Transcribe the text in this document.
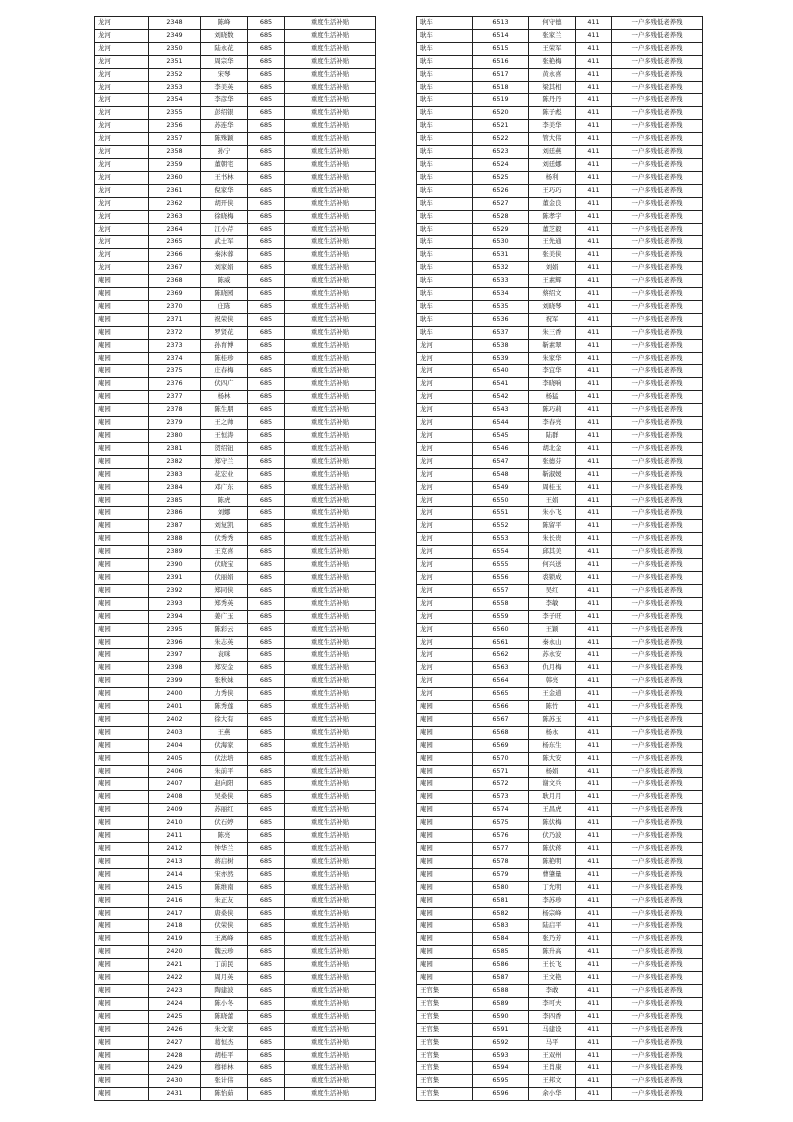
龙河	2348	陈峰	685	重度生活补贴
龙河	2349	刘晓数	685	重度生活补贴
龙河	2350	陆永花	685	重度生活补贴
龙河	2351	周宗华	685	重度生活补贴
龙河	2352	宋琴	685	重度生活补贴
龙河	2353	李美英	685	重度生活补贴
龙河	2354	李彦华	685	重度生活补贴
龙河	2355	彭绍银	685	重度生活补贴
龙河	2356	苏连华	685	重度生活补贴
龙河	2357	陈殊颖	685	重度生活补贴
龙河	2358	孙宁	685	重度生活补贴
龙河	2359	董朝宅	685	重度生活补贴
龙河	2360	王书林	685	重度生活补贴
龙河	2361	倪家华	685	重度生活补贴
龙河	2362	胡开侠	685	重度生活补贴
龙河	2363	徐晓梅	685	重度生活补贴
龙河	2364	江小芹	685	重度生活补贴
龙河	2365	武士军	685	重度生活补贴
龙河	2366	秦沐蓉	685	重度生活补贴
龙河	2367	刘家娟	685	重度生活补贴
庵园	2368	陈威	685	重度生活补贴
庵园	2369	陈晓园	685	重度生活补贴
庵园	2370	庄陈	685	重度生活补贴
庵园	2371	祝荣侠	685	重度生活补贴
庵园	2372	罗贤花	685	重度生活补贴
庵园	2373	孙育博	685	重度生活补贴
庵园	2374	陈桂珍	685	重度生活补贴
庵园	2375	庄春梅	685	重度生活补贴
庵园	2376	伏四广	685	重度生活补贴
庵园	2377	杨林	685	重度生活补贴
庵园	2378	陈生朋	685	重度生活补贴
庵园	2379	王之帅	685	重度生活补贴
庵园	2380	王恒涛	685	重度生活补贴
庵园	2381	贺绍钮	685	重度生活补贴
庵园	2382	郑守兰	685	重度生活补贴
庵园	2383	花宏业	685	重度生活补贴
庵园	2384	邓广东	685	重度生活补贴
庵园	2385	陈虎	685	重度生活补贴
庵园	2386	刘娜	685	重度生活补贴
庵园	2387	刘复凯	685	重度生活补贴
庵园	2388	伏秀秀	685	重度生活补贴
庵园	2389	王克喜	685	重度生活补贴
庵园	2390	伏晓宝	685	重度生活补贴
庵园	2391	伏丽娟	685	重度生活补贴
庵园	2392	郑同侠	685	重度生活补贴
庵园	2393	郑秀英	685	重度生活补贴
庵园	2394	姜广玉	685	重度生活补贴
庵园	2395	陈彩云	685	重度生活补贴
庵园	2396	朱志英	685	重度生活补贴
庵园	2397	袁咪	685	重度生活补贴
庵园	2398	郑安金	685	重度生活补贴
庵园	2399	张秋妹	685	重度生活补贴
庵园	2400	力秀侠	685	重度生活补贴
庵园	2401	陈秀莲	685	重度生活补贴
庵园	2402	徐大有	685	重度生活补贴
庵园	2403	王燕	685	重度生活补贴
庵园	2404	伏海家	685	重度生活补贴
庵园	2405	伏法培	685	重度生活补贴
庵园	2406	朱前平	685	重度生活补贴
庵园	2407	赵向阳	685	重度生活补贴
庵园	2408	吴桑侠	685	重度生活补贴
庵园	2409	苏丽红	685	重度生活补贴
庵园	2410	伏石婷	685	重度生活补贴
庵园	2411	陈亮	685	重度生活补贴
庵园	2412	钟华兰	685	重度生活补贴
庵园	2413	蒋启树	685	重度生活补贴
庵园	2414	宋亦然	685	重度生活补贴
庵园	2415	陈维南	685	重度生活补贴
庵园	2416	朱正友	685	重度生活补贴
庵园	2417	唐桑侠	685	重度生活补贴
庵园	2418	伏荣侠	685	重度生活补贴
庵园	2419	王离峰	685	重度生活补贴
庵园	2420	魏云珍	685	重度生活补贴
庵园	2421	丁前民	685	重度生活补贴
庵园	2422	周月英	685	重度生活补贴
庵园	2423	陶建波	685	重度生活补贴
庵园	2424	陈小冬	685	重度生活补贴
庵园	2425	陈晓蕾	685	重度生活补贴
庵园	2426	朱文家	685	重度生活补贴
庵园	2427	葛恒杰	685	重度生活补贴
庵园	2428	胡桂平	685	重度生活补贴
庵园	2429	穆祥林	685	重度生活补贴
庵园	2430	张计伟	685	重度生活补贴
庵园	2431	陈怡茹	685	重度生活补贴
耿车	6513	何守德	411	一户多残低老养残
耿车	6514	张家兰	411	一户多残低老养残
耿车	6515	王荣军	411	一户多残低老养残
耿车	6516	张艳梅	411	一户多残低老养残
耿车	6517	黄永喜	411	一户多残低老养残
耿车	6518	梁其相	411	一户多残低老养残
耿车	6519	陈丹丹	411	一户多残低老养残
耿车	6520	陈子彪	411	一户多残低老养残
耿车	6521	李美华	411	一户多残低老养残
耿车	6522	管大伟	411	一户多残低老养残
耿车	6523	刘廷燕	411	一户多残低老养残
耿车	6524	刘廷娜	411	一户多残低老养残
耿车	6525	杨利	411	一户多残低老养残
耿车	6526	王巧巧	411	一户多残低老养残
耿车	6527	董金良	411	一户多残低老养残
耿车	6528	陈孝宇	411	一户多残低老养残
耿车	6529	董芝毅	411	一户多残低老养残
耿车	6530	王先通	411	一户多残低老养残
耿车	6531	张美侠	411	一户多残低老养残
耿车	6532	刘娟	411	一户多残低老养残
耿车	6533	王素辉	411	一户多残低老养残
耿车	6534	蔡绍文	411	一户多残低老养残
耿车	6535	刘晓琴	411	一户多残低老养残
耿车	6536	祝军	411	一户多残低老养残
耿车	6537	朱三香	411	一户多残低老养残
龙河	6538	靳素翠	411	一户多残低老养残
龙河	6539	朱家华	411	一户多残低老养残
龙河	6540	李宜华	411	一户多残低老养残
龙河	6541	李晓响	411	一户多残低老养残
龙河	6542	杨猛	411	一户多残低老养残
龙河	6543	陈巧莉	411	一户多残低老养残
龙河	6544	李春亮	411	一户多残低老养残
龙河	6545	陆群	411	一户多残低老养残
龙河	6546	胡北金	411	一户多残低老养残
龙河	6547	张德芬	411	一户多残低老养残
龙河	6548	靳淑媛	411	一户多残低老养残
龙河	6549	周桂玉	411	一户多残低老养残
龙河	6550	王娟	411	一户多残低老养残
龙河	6551	朱小飞	411	一户多残低老养残
龙河	6552	陈留平	411	一户多残低老养残
龙河	6553	朱长贵	411	一户多残低老养残
龙河	6554	邱其美	411	一户多残低老养残
龙河	6555	何兴送	411	一户多残低老养残
龙河	6556	裘锁成	411	一户多残低老养残
龙河	6557	吴红	411	一户多残低老养残
龙河	6558	李敏	411	一户多残低老养残
龙河	6559	李子旺	411	一户多残低老养残
龙河	6560	王颖	411	一户多残低老养残
龙河	6561	秦永山	411	一户多残低老养残
龙河	6562	苏永安	411	一户多残低老养残
龙河	6563	仇月梅	411	一户多残低老养残
龙河	6564	韩亮	411	一户多残低老养残
龙河	6565	王金道	411	一户多残低老养残
庵园	6566	陈竹	411	一户多残低老养残
庵园	6567	陈苏玉	411	一户多残低老养残
庵园	6568	杨永	411	一户多残低老养残
庵园	6569	杨东生	411	一户多残低老养残
庵园	6570	陈大安	411	一户多残低老养残
庵园	6571	杨娟	411	一户多残低老养残
庵园	6572	谢文兵	411	一户多残低老养残
庵园	6573	耿月月	411	一户多残低老养残
庵园	6574	王昌虎	411	一户多残低老养残
庵园	6575	陈伏梅	411	一户多残低老养残
庵园	6576	伏乃波	411	一户多残低老养残
庵园	6577	陈伏蒋	411	一户多残低老养残
庵园	6578	陈艳明	411	一户多残低老养残
庵园	6579	曹肇量	411	一户多残低老养残
庵园	6580	丁允明	411	一户多残低老养残
庵园	6581	李苏珍	411	一户多残低老养残
庵园	6582	杨宗峰	411	一户多残低老养残
庵园	6583	陆启平	411	一户多残低老养残
庵园	6584	张乃芳	411	一户多残低老养残
庵园	6585	陈升高	411	一户多残低老养残
庵园	6586	王长飞	411	一户多残低老养残
庵园	6587	王文艳	411	一户多残低老养残
王官集	6588	李敢	411	一户多残低老养残
王官集	6589	李可夫	411	一户多残低老养残
王官集	6590	李四香	411	一户多残低老养残
王官集	6591	马建设	411	一户多残低老养残
王官集	6592	马平	411	一户多残低老养残
王官集	6593	王双州	411	一户多残低老养残
王官集	6594	王肖康	411	一户多残低老养残
王官集	6595	王邦文	411	一户多残低老养残
王官集	6596	余小华	411	一户多残低老养残
